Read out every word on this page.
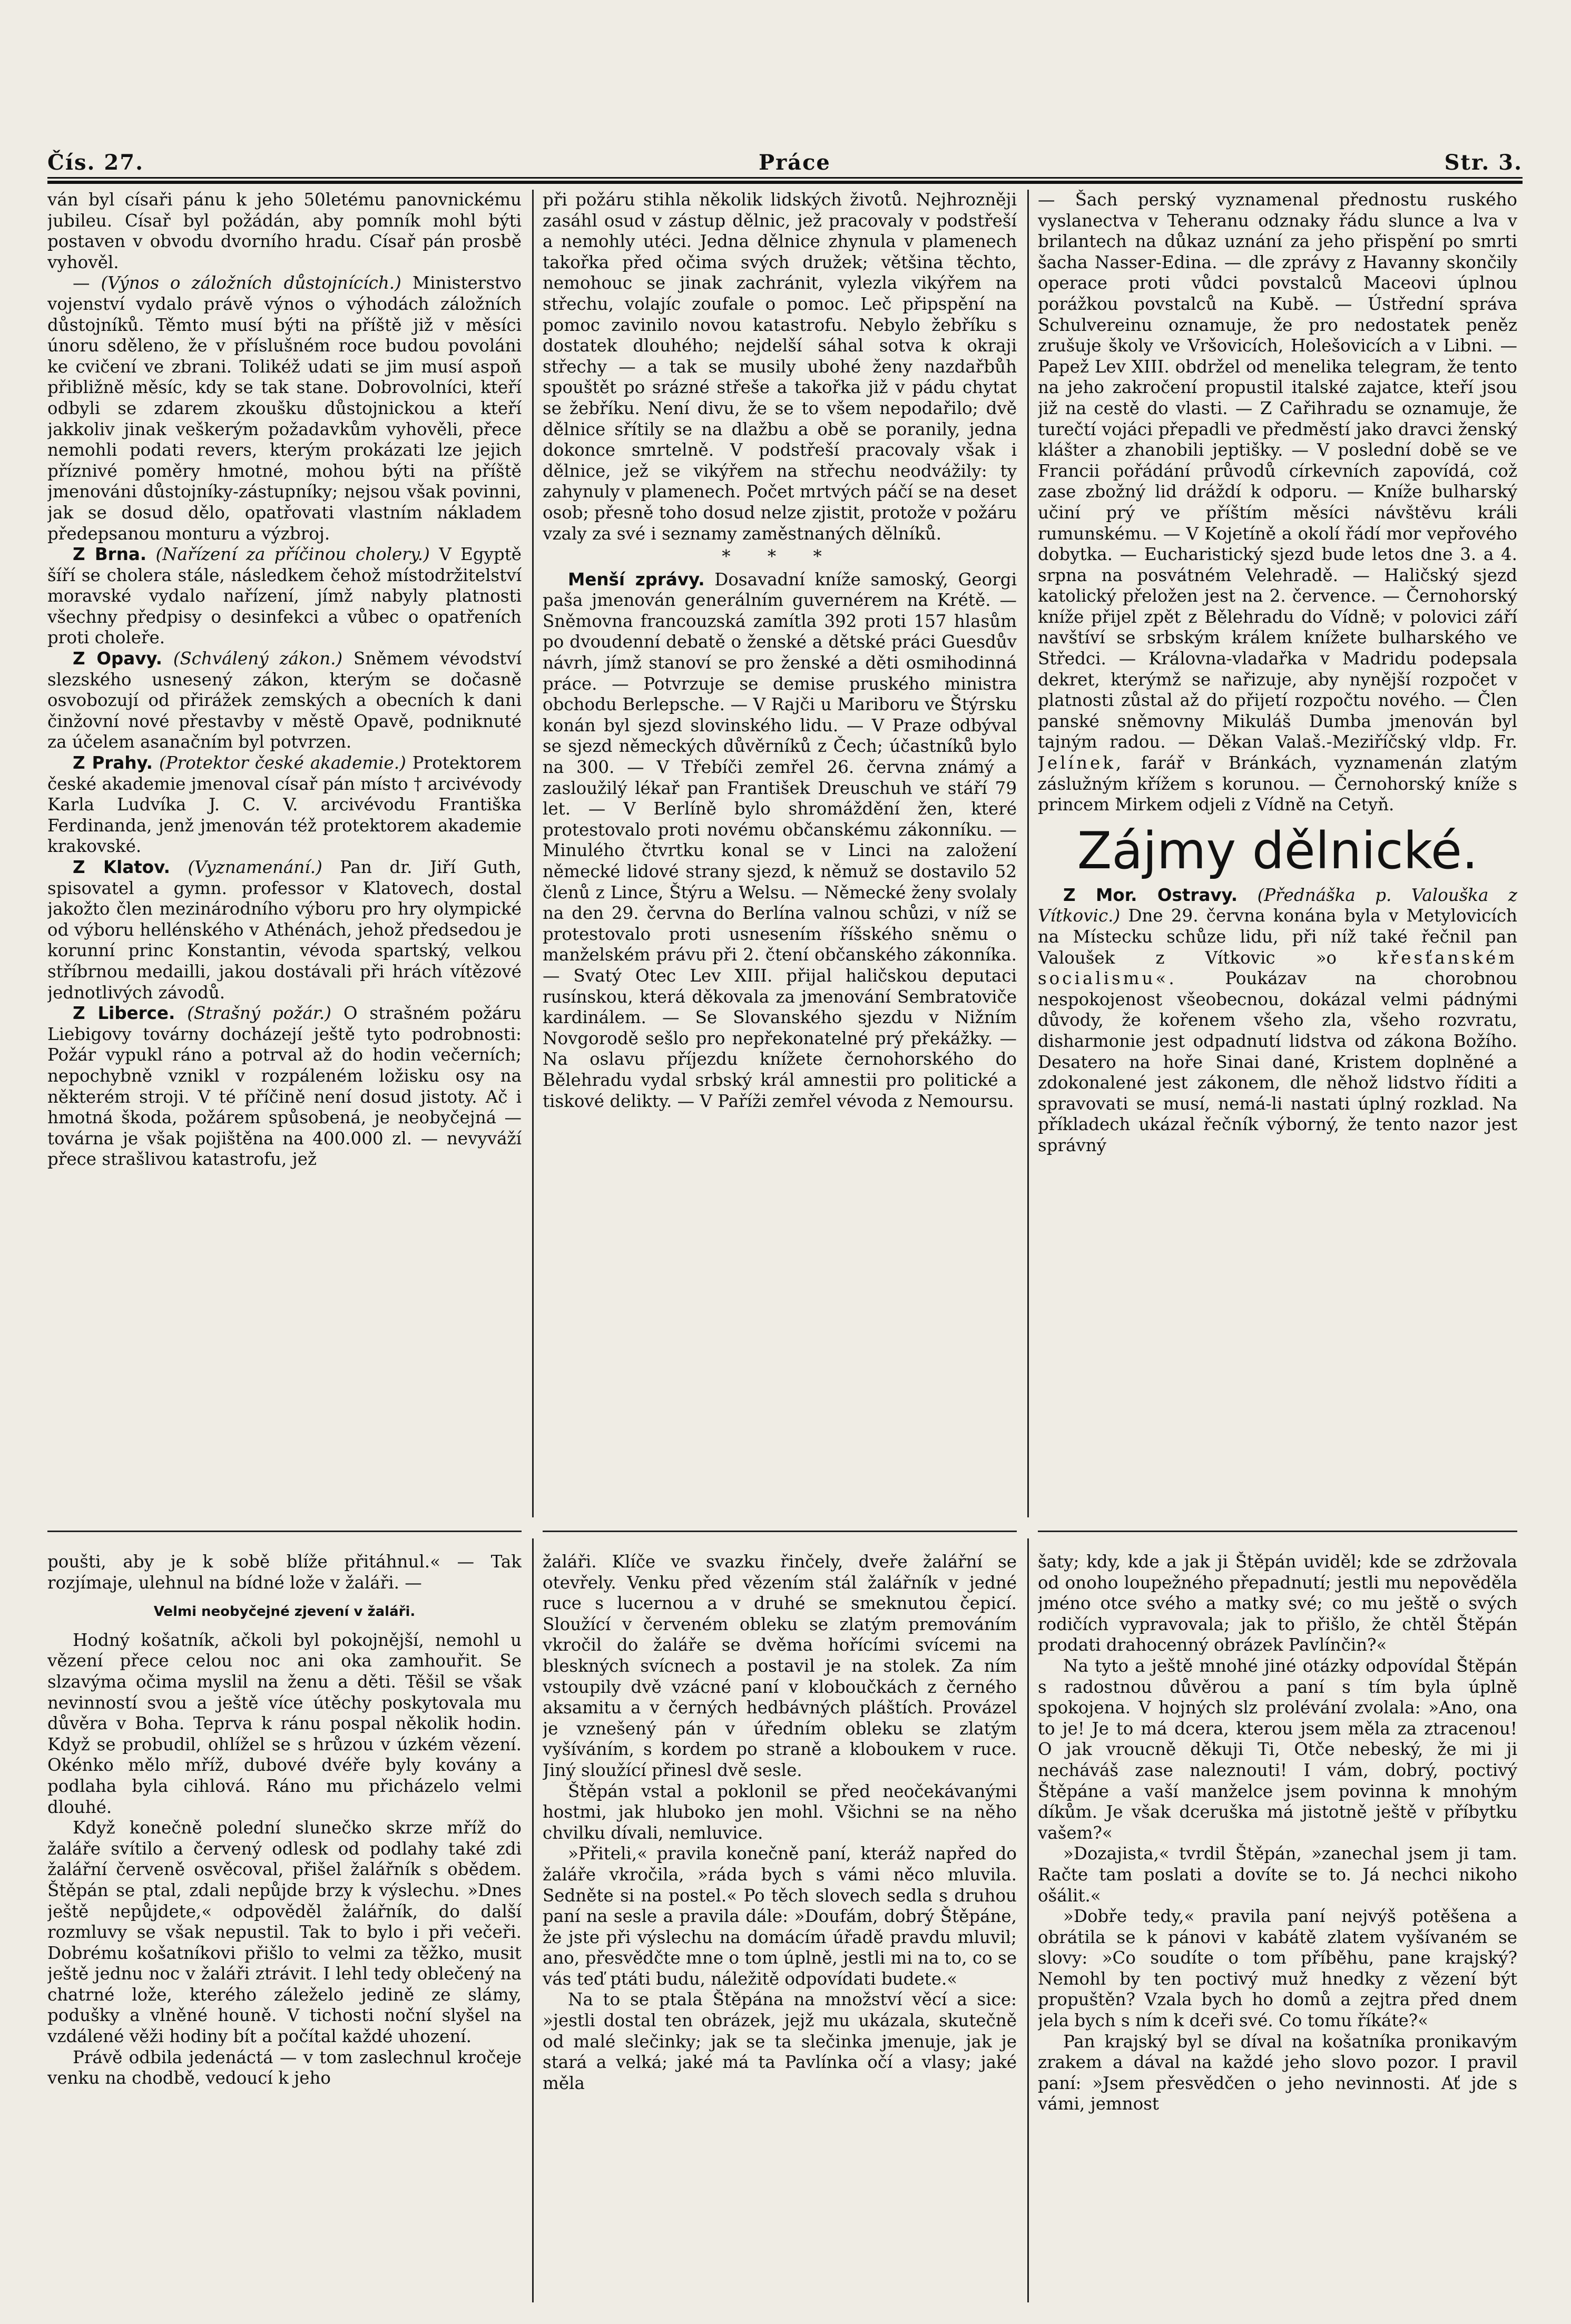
Čís. 27.	Práce	Str. 3.

ván byl císaři pánu k jeho 50letému panovnickému jubileu. Císař byl požádán, aby pomník mohl býti postaven v obvodu dvorního hradu. Císař pán prosbě vyhověl.

— (Výnos o záložních důstojnících.) Ministerstvo vojenství vydalo právě výnos o výhodách záložních důstojníků. Těmto musí býti na příště již v měsíci únoru sděleno, že v příslušném roce budou povoláni ke cvičení ve zbrani. Tolikéž udati se jim musí aspoň přibližně měsíc, kdy se tak stane. Dobrovolníci, kteří odbyli se zdarem zkoušku důstojnickou a kteří jakkoliv jinak veškerým požadavkům vyhověli, přece nemohli podati revers, kterým prokázati lze jejich příznivé poměry hmotné, mohou býti na příště jmenováni důstojníky-zástupníky; nejsou však povinni, jak se dosud dělo, opatřovati vlastním nákladem předepsanou monturu a výzbroj.

Z Brna. (Nařízení za příčinou cholery.) V Egyptě šíří se cholera stále, následkem čehož místodržitelství moravské vydalo nařízení, jímž nabyly platnosti všechny předpisy o desinfekci a vůbec o opatřeních proti choleře.

Z Opavy. (Schválený zákon.) Sněmem vévodství slezského usnesený zákon, kterým se dočasně osvobozují od přirážek zemských a obecních k dani činžovní nové přestavby v městě Opavě, podniknuté za účelem asanačním byl potvrzen.

Z Prahy. (Protektor české akademie.) Protektorem české akademie jmenoval císař pán místo † arcivévody Karla Ludvíka J. C. V. arcivévodu Františka Ferdinanda, jenž jmenován též protektorem akademie krakovské.

Z Klatov. (Vyznamenání.) Pan dr. Jiří Guth, spisovatel a gymn. professor v Klatovech, dostal jakožto člen mezinárodního výboru pro hry olympické od výboru hellénského v Athénách, jehož předsedou je korunní princ Konstantin, vévoda spartský, velkou stříbrnou medailli, jakou dostávali při hrách vítězové jednotlivých závodů.

Z Liberce. (Strašný požár.) O strašném požáru Liebigovy továrny docházejí ještě tyto podrobnosti: Požár vypukl ráno a potrval až do hodin večerních; nepochybně vznikl v rozpáleném ložisku osy na některém stroji. V té příčině není dosud jistoty. Ač i hmotná škoda, požárem spůsobená, je neobyčejná — továrna je však pojištěna na 400.000 zl. — nevyváží přece strašlivou katastrofu, jež

při požáru stihla několik lidských životů. Nejhrozněji zasáhl osud v zástup dělnic, jež pracovaly v podstřeší a nemohly utéci. Jedna dělnice zhynula v plamenech takořka před očima svých družek; většina těchto, nemohouc se jinak zachránit, vylezla vikýřem na střechu, volajíc zoufale o pomoc. Leč připspění na pomoc zavinilo novou katastrofu. Nebylo žebříku s dostatek dlouhého; nejdelší sáhal sotva k okraji střechy — a tak se musily ubohé ženy nazdařbůh spouštět po srázné střeše a takořka již v pádu chytat se žebříku. Není divu, že se to všem nepodařilo; dvě dělnice sřítily se na dlažbu a obě se poranily, jedna dokonce smrtelně. V podstřeší pracovaly však i dělnice, jež se vikýřem na střechu neodvážily: ty zahynuly v plamenech. Počet mrtvých páčí se na deset osob; přesně toho dosud nelze zjistit, protože v požáru vzaly za své i seznamy zaměstnaných dělníků.

* * *

Menší zprávy. Dosavadní kníže samoský, Georgi paša jmenován generálním guvernérem na Krétě. — Sněmovna francouzská zamítla 392 proti 157 hlasům po dvoudenní debatě o ženské a dětské práci Guesdův návrh, jímž stanoví se pro ženské a děti osmihodinná práce. — Potvrzuje se demise pruského ministra obchodu Berlepsche. — V Rajči u Mariboru ve Štýrsku konán byl sjezd slovinského lidu. — V Praze odbýval se sjezd německých důvěrníků z Čech; účastníků bylo na 300. — V Třebíči zemřel 26. června známý a zasloužilý lékař pan František Dreuschuh ve stáří 79 let. — V Berlíně bylo shromáždění žen, které protestovalo proti novému občanskému zákonníku. — Minulého čtvrtku konal se v Linci na založení německé lidové strany sjezd, k němuž se dostavilo 52 členů z Lince, Štýru a Welsu. — Německé ženy svolaly na den 29. června do Berlína valnou schůzi, v níž se protestovalo proti usnesením říšského sněmu o manželském právu při 2. čtení občanského zákonníka. — Svatý Otec Lev XIII. přijal haličskou deputaci rusínskou, která děkovala za jmenování Sembratoviče kardinálem. — Se Slovanského sjezdu v Nižním Novgorodě sešlo pro nepřekonatelné prý překážky. — Na oslavu příjezdu knížete černohorského do Bělehradu vydal srbský král amnestii pro politické a tiskové delikty. — V Paříži zemřel vévoda z Nemoursu.

— Šach perský vyznamenal přednostu ruského vyslanectva v Teheranu odznaky řádu slunce a lva v brilantech na důkaz uznání za jeho přispění po smrti šacha Nasser-Edina. — dle zprávy z Havanny skončily operace proti vůdci povstalců Maceovi úplnou porážkou povstalců na Kubě. — Ústřední správa Schulvereinu oznamuje, že pro nedostatek peněz zrušuje školy ve Vršovicích, Holešovicích a v Libni. — Papež Lev XIII. obdržel od menelika telegram, že tento na jeho zakročení propustil italské zajatce, kteří jsou již na cestě do vlasti. — Z Cařihradu se oznamuje, že turečtí vojáci přepadli ve předměstí jako dravci ženský klášter a zhanobili jeptišky. — V poslední době se ve Francii pořádání průvodů církevních zapovídá, což zase zbožný lid dráždí k odporu. — Kníže bulharský učiní prý ve příštím měsíci návštěvu králi rumunskému. — V Kojetíně a okolí řádí mor vepřového dobytka. — Eucharistický sjezd bude letos dne 3. a 4. srpna na posvátném Velehradě. — Haličský sjezd katolický přeložen jest na 2. července. — Černohorský kníže přijel zpět z Bělehradu do Vídně; v polovici září navštíví se srbským králem knížete bulharského ve Středci. — Královna-vladařka v Madridu podepsala dekret, kterýmž se nařizuje, aby nynější rozpočet v platnosti zůstal až do přijetí rozpočtu nového. — Člen panské sněmovny Mikuláš Dumba jmenován byl tajným radou. — Děkan Valaš.-Meziříčský vldp. Fr. Jelínek, farář v Bránkách, vyznamenán zlatým záslužným křížem s korunou. — Černohorský kníže s princem Mirkem odjeli z Vídně na Cetyň.

Zájmy dělnické.

Z Mor. Ostravy. (Přednáška p. Valouška z Vítkovic.) Dne 29. června konána byla v Metylovicích na Místecku schůze lidu, při níž také řečnil pan Valoušek z Vítkovic »o křesťanském socialismu«.	Poukázav na chorobnou nespokojenost všeobecnou, dokázal velmi pádnými důvody, že kořenem všeho zla, všeho rozvratu, disharmonie jest odpadnutí lidstva od zákona Božího. Desatero na hoře Sinai dané, Kristem doplněné a zdokonalené jest zákonem, dle něhož lidstvo říditi a spravovati se musí, nemá-li nastati úplný rozklad. Na příkladech ukázal řečník výborný, že tento nazor jest správný

poušti, aby je k sobě blíže přitáhnul.« — Tak rozjímaje, ulehnul na bídné lože v žaláři. —

Velmi neobyčejné zjevení v žaláři.

Hodný košatník, ačkoli byl pokojnější, nemohl u vězení přece celou noc ani oka zamhouřit. Se slzavýma očima myslil na ženu a děti. Těšil se však nevinností svou a ještě více útěchy poskytovala mu důvěra v Boha. Teprva k ránu pospal několik hodin. Když se probudil, ohlížel se s hrůzou v úzkém vězení. Okénko mělo mříž, dubové dvéře byly kovány a podlaha byla cihlová. Ráno mu přicházelo velmi dlouhé.

Když konečně polední slunečko skrze mříž do žaláře svítilo a červený odlesk od podlahy také zdi žalářní červeně osvěcoval, přišel žalářník s obědem. Štěpán se ptal, zdali nepůjde brzy k výslechu. »Dnes ještě nepůjdete,« odpověděl žalářník, do další rozmluvy se však nepustil. Tak to bylo i při večeři. Dobrému košatníkovi přišlo to velmi za těžko, musit ještě jednu noc v žaláři ztrávit. I lehl tedy oblečený na chatrné lože, kterého záleželo jedině ze slámy, podušky a vlněné houně. V tichosti noční slyšel na vzdálené věži hodiny bít a počítal každé uhození.

Právě odbila jedenáctá — v tom zaslechnul kročeje venku na chodbě, vedoucí k jeho

žaláři. Klíče ve svazku řinčely, dveře žalářní se otevřely. Venku před vězením stál žalářník v jedné ruce s lucernou a v druhé se smeknutou čepicí. Sloužící v červeném obleku se zlatým premováním vkročil do žaláře se dvěma hořícími svícemi na bleskných svícnech a postavil je na stolek. Za ním vstoupily dvě vzácné paní v kloboučkách z černého aksamitu a v černých hedbávných pláštích. Provázel je vznešený pán v úředním obleku se zlatým vyšíváním, s kordem po straně a kloboukem v ruce. Jiný sloužící přinesl dvě sesle.

Štěpán vstal a poklonil se před neočekávanými hostmi, jak hluboko jen mohl. Všichni se na něho chvilku dívali, nemluvice.

»Přiteli,« pravila konečně paní, kteráž napřed do žaláře vkročila, »ráda bych s vámi něco mluvila. Sedněte si na postel.« Po těch slovech sedla s druhou paní na sesle a pravila dále: »Doufám, dobrý Štěpáne, že jste při výslechu na domácím úřadě pravdu mluvil; ano, přesvědčte mne o tom úplně, jestli mi na to, co se vás teď ptáti budu, náležitě odpovídati budete.«

Na to se ptala Štěpána na množství věcí a sice: »jestli dostal ten obrázek, jejž mu ukázala, skutečně od malé slečinky; jak se ta slečinka jmenuje, jak je stará a velká; jaké má ta Pavlínka očí a vlasy; jaké měla

šaty; kdy, kde a jak ji Štěpán uviděl; kde se zdržovala od onoho loupežného přepadnutí; jestli mu nepověděla jméno otce svého a matky své; co mu ještě o svých rodičích vypravovala; jak to přišlo, že chtěl Štěpán prodati drahocenný obrázek Pavlínčin?«

Na tyto a ještě mnohé jiné otázky odpovídal Štěpán s radostnou důvěrou a paní s tím byla úplně spokojena. V hojných slz prolévání zvolala: »Ano, ona to je! Je to má dcera, kterou jsem měla za ztracenou! O jak vroucně děkuji Ti, Otče nebeský, že mi ji necháváš zase naleznouti! I vám, dobrý, poctivý Štěpáne a vaší manželce jsem povinna k mnohým díkům. Je však dceruška má jistotně ještě v příbytku vašem?«

»Dozajista,« tvrdil Štěpán, »zanechal jsem ji tam. Račte tam poslati a dovíte se to. Já nechci nikoho ošálit.«

»Dobře tedy,« pravila paní nejvýš potěšena a obrátila se k pánovi v kabátě zlatem vyšívaném se slovy: »Co soudíte o tom příběhu, pane krajský? Nemohl by ten poctivý muž hnedky z vězení být propuštěn? Vzala bych ho domů a zejtra před dnem jela bych s ním k dceři své. Co tomu říkáte?«

Pan krajský byl se díval na košatníka pronikavým zrakem a dával na každé jeho slovo pozor. I pravil paní: »Jsem přesvědčen o jeho nevinnosti. Ať jde s vámi, jemnost
